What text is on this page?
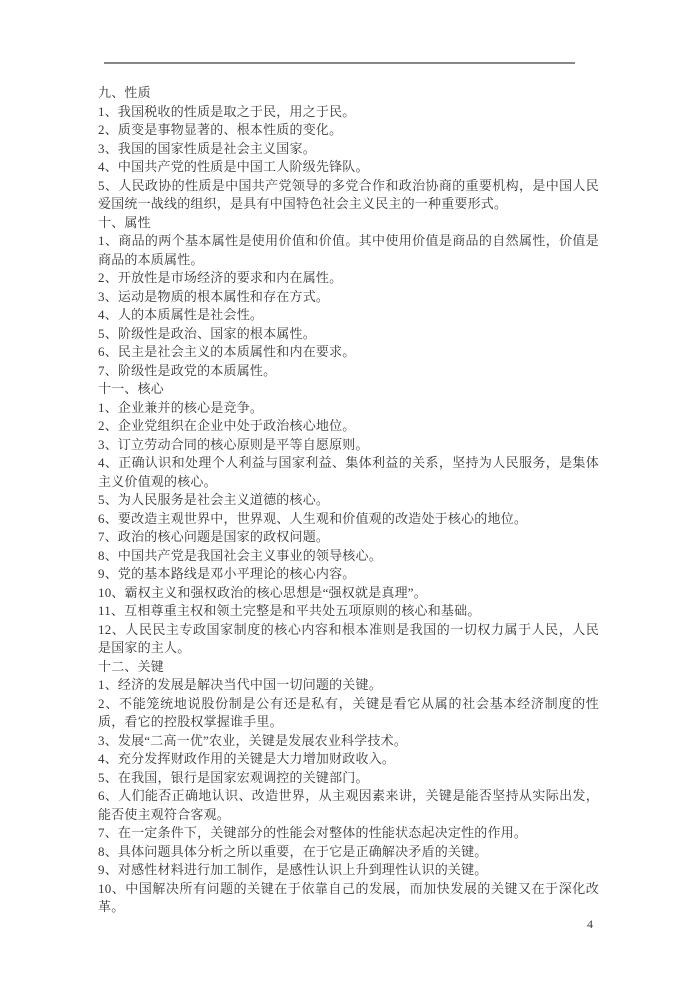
九、性质

1、我国税收的性质是取之于民，用之于民。

2、质变是事物显著的、根本性质的变化。

3、我国的国家性质是社会主义国家。

4、中国共产党的性质是中国工人阶级先锋队。

5、人民政协的性质是中国共产党领导的多党合作和政治协商的重要机构，是中国人民爱国统一战线的组织，是具有中国特色社会主义民主的一种重要形式。

十、属性

1、商品的两个基本属性是使用价值和价值。其中使用价值是商品的自然属性，价值是商品的本质属性。

2、开放性是市场经济的要求和内在属性。

3、运动是物质的根本属性和存在方式。

4、人的本质属性是社会性。

5、阶级性是政治、国家的根本属性。

6、民主是社会主义的本质属性和内在要求。

7、阶级性是政党的本质属性。

十一、核心

1、企业兼并的核心是竞争。

2、企业党组织在企业中处于政治核心地位。

3、订立劳动合同的核心原则是平等自愿原则。

4、正确认识和处理个人利益与国家利益、集体利益的关系，坚持为人民服务，是集体主义价值观的核心。

5、为人民服务是社会主义道德的核心。

6、要改造主观世界中，世界观、人生观和价值观的改造处于核心的地位。

7、政治的核心问题是国家的政权问题。

8、中国共产党是我国社会主义事业的领导核心。

9、党的基本路线是邓小平理论的核心内容。

10、霸权主义和强权政治的核心思想是“强权就是真理”。

11、互相尊重主权和领土完整是和平共处五项原则的核心和基础。

12、人民民主专政国家制度的核心内容和根本准则是我国的一切权力属于人民，人民是国家的主人。

十二、关键

1、经济的发展是解决当代中国一切问题的关键。

2、不能笼统地说股份制是公有还是私有，关键是看它从属的社会基本经济制度的性质，看它的控股权掌握谁手里。

3、发展“二高一优”农业，关键是发展农业科学技术。

4、充分发挥财政作用的关键是大力增加财政收入。

5、在我国，银行是国家宏观调控的关键部门。

6、人们能否正确地认识、改造世界，从主观因素来讲，关键是能否坚持从实际出发，能否使主观符合客观。

7、在一定条件下，关键部分的性能会对整体的性能状态起决定性的作用。

8、具体问题具体分析之所以重要，在于它是正确解决矛盾的关键。

9、对感性材料进行加工制作，是感性认识上升到理性认识的关键。

10、中国解决所有问题的关键在于依靠自己的发展，而加快发展的关键又在于深化改革。

4
